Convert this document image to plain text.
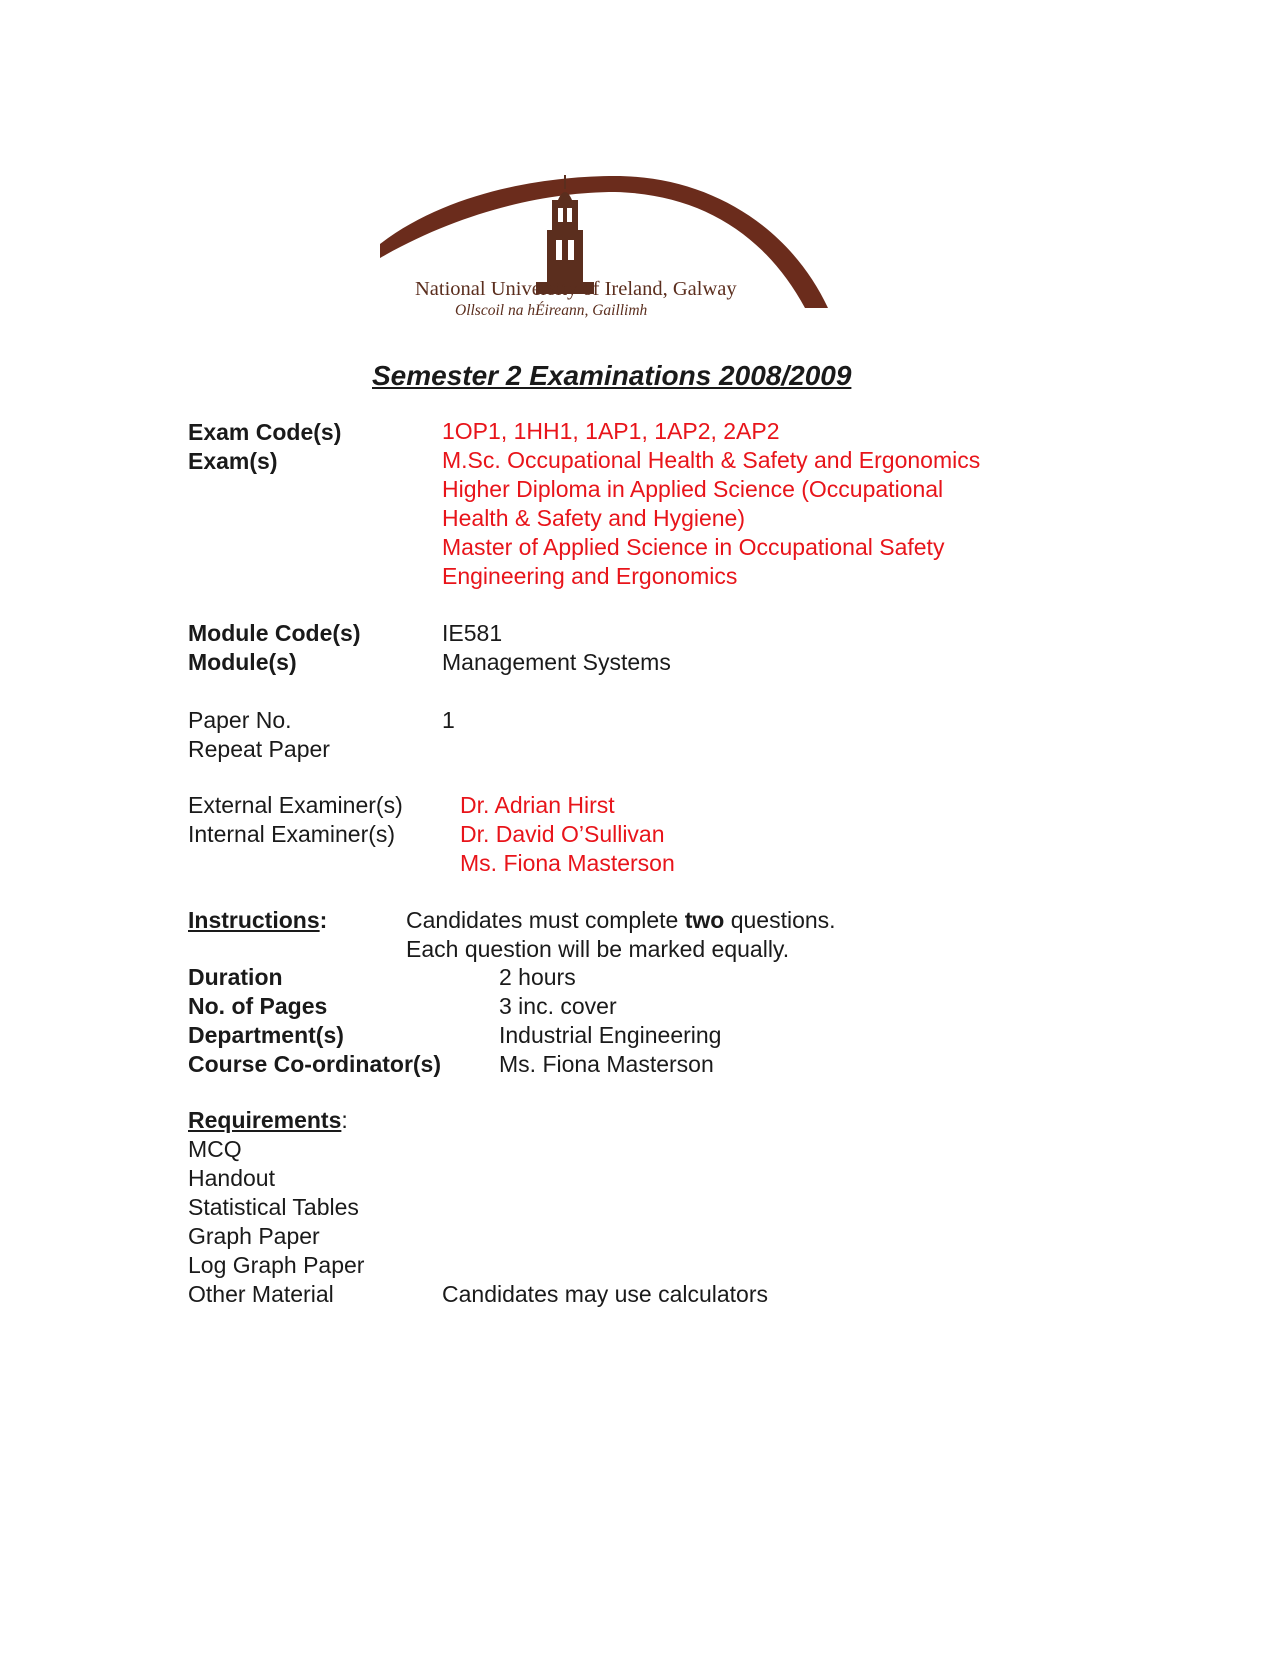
National University of Ireland, Galway
Ollscoil na hÉireann, Gaillimh
Semester 2 Examinations 2008/2009
Exam Code(s)	1OP1, 1HH1, 1AP1, 1AP2, 2AP2
Exam(s)	M.Sc. Occupational Health & Safety and Ergonomics
Higher Diploma in Applied Science (Occupational
Health & Safety and Hygiene)
Master of Applied Science in Occupational Safety
Engineering and Ergonomics
Module Code(s)	IE581
Module(s)	Management Systems
Paper No.	1
Repeat Paper
External Examiner(s) Dr. Adrian Hirst
Internal Examiner(s)	Dr. David O’Sullivan
Ms. Fiona Masterson
Instructions:	Candidates must complete two questions.
Each question will be marked equally.
Duration	2 hours
No. of Pages	3 inc. cover
Department(s)	Industrial Engineering
Course Co-ordinator(s)	Ms. Fiona Masterson
Requirements:
MCQ
Handout
Statistical Tables
Graph Paper
Log Graph Paper
Other Material	Candidates may use calculators
